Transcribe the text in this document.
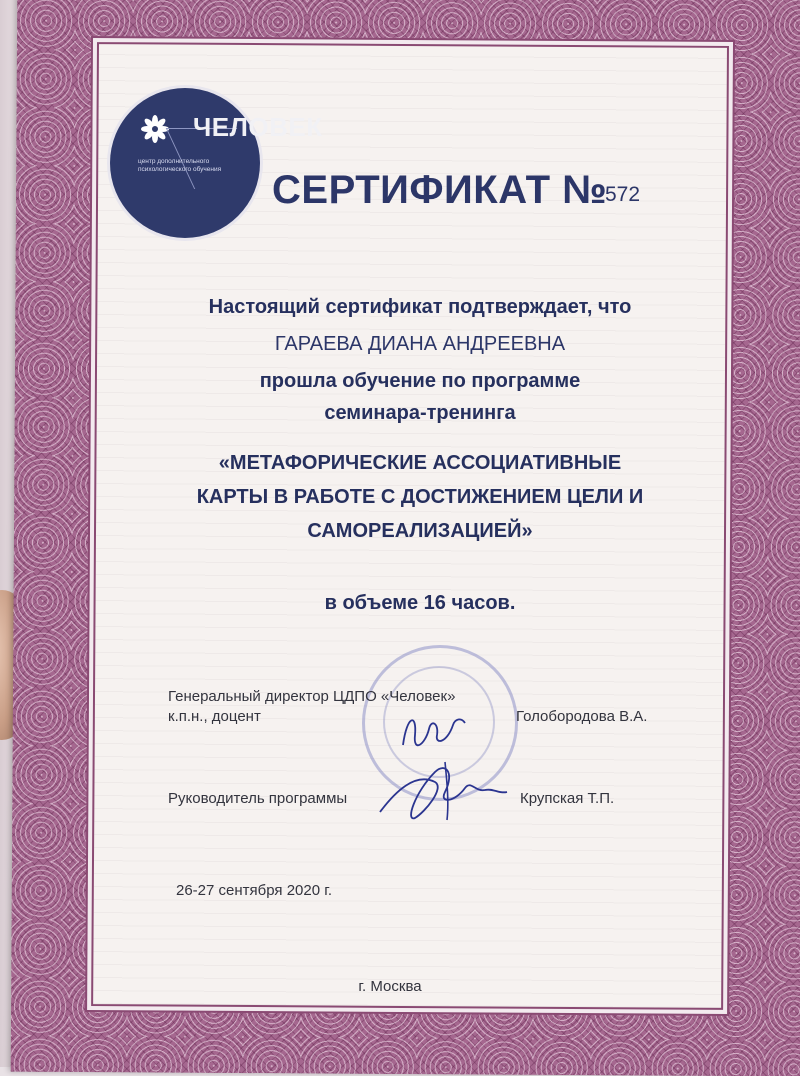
центр дополнительного психологического обучения
ЧЕЛОВЕК
СЕРТИФИКАТ №
572
Настоящий сертификат подтверждает, что
ГАРАЕВА ДИАНА АНДРЕЕВНА
прошла обучение по программе
семинара-тренинга
«МЕТАФОРИЧЕСКИЕ АССОЦИАТИВНЫЕ
КАРТЫ В РАБОТЕ С ДОСТИЖЕНИЕМ ЦЕЛИ И
САМОРЕАЛИЗАЦИЕЙ»
в объеме 16 часов.
Генеральный директор ЦДПО «Человек»
к.п.н., доцент	Голобородова В.А.
Руководитель программы	Крупская Т.П.
26-27 сентября 2020 г.
г. Москва
